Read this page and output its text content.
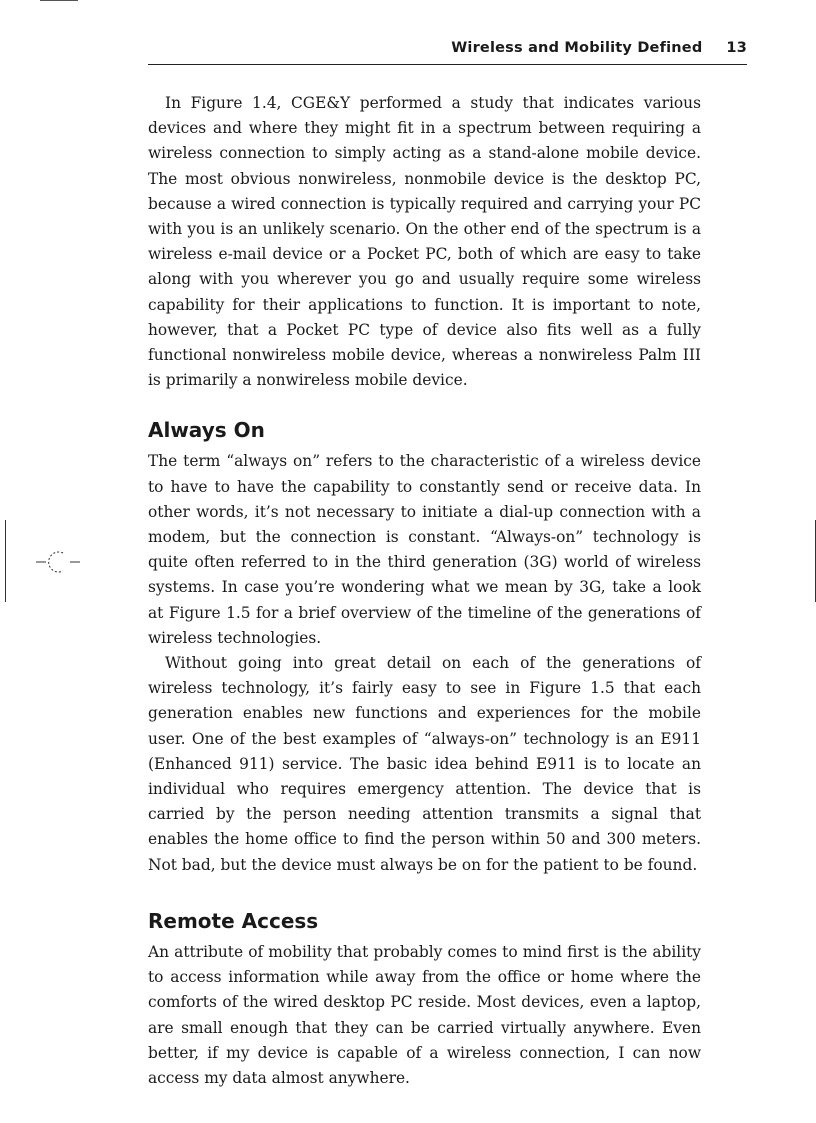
Wireless and Mobility Defined 13

In Figure 1.4, CGE&Y performed a study that indicates various devices and where they might fit in a spectrum between requiring a wireless connection to simply acting as a stand-alone mobile device. The most obvious nonwireless, nonmobile device is the desktop PC, because a wired connection is typically required and carrying your PC with you is an unlikely scenario. On the other end of the spectrum is a wireless e-mail device or a Pocket PC, both of which are easy to take along with you wherever you go and usually require some wireless capability for their applications to function. It is important to note, however, that a Pocket PC type of device also fits well as a fully functional nonwireless mobile device, whereas a nonwireless Palm III is primarily a nonwireless mobile device.

Always On

The term “always on” refers to the characteristic of a wireless device to have to have the capability to constantly send or receive data. In other words, it’s not necessary to initiate a dial-up connection with a modem, but the connection is constant. “Always-on” technology is quite often referred to in the third generation (3G) world of wireless systems. In case you’re wondering what we mean by 3G, take a look at Figure 1.5 for a brief overview of the timeline of the generations of wireless technologies.

Without going into great detail on each of the generations of wireless technology, it’s fairly easy to see in Figure 1.5 that each generation enables new functions and experiences for the mobile user. One of the best examples of “always-on” technology is an E911 (Enhanced 911) service. The basic idea behind E911 is to locate an individual who requires emergency attention. The device that is carried by the person needing attention transmits a signal that enables the home office to find the person within 50 and 300 meters. Not bad, but the device must always be on for the patient to be found.

Remote Access

An attribute of mobility that probably comes to mind first is the ability to access information while away from the office or home where the comforts of the wired desktop PC reside. Most devices, even a laptop, are small enough that they can be carried virtually anywhere. Even better, if my device is capable of a wireless connection, I can now access my data almost anywhere.
